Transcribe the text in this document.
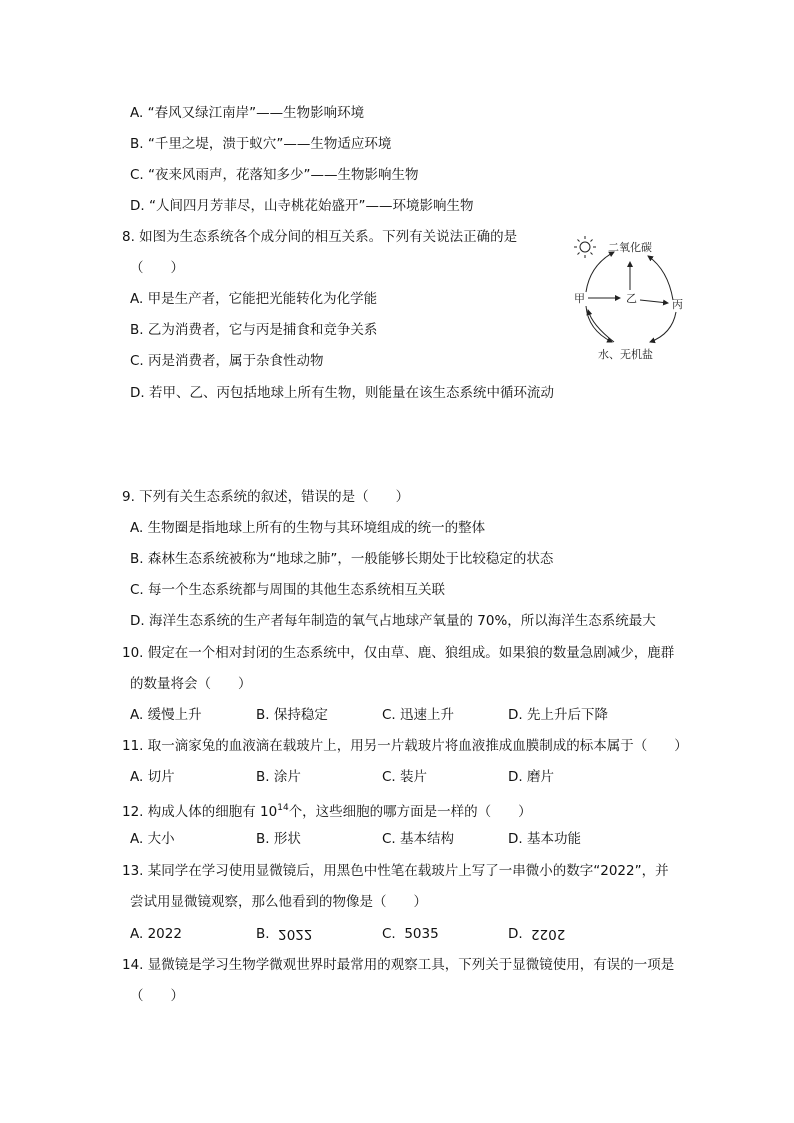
A. “春风又绿江南岸”——生物影响环境
B. “千里之堤，溃于蚁穴”——生物适应环境
C. “夜来风雨声，花落知多少”——生物影响生物
D. “人间四月芳菲尽，山寺桃花始盛开”——环境影响生物
8. 如图为生态系统各个成分间的相互关系。下列有关说法正确的是
（　　）
A. 甲是生产者，它能把光能转化为化学能
B. 乙为消费者，它与丙是捕食和竞争关系
C. 丙是消费者，属于杂食性动物
D. 若甲、乙、丙包括地球上所有生物，则能量在该生态系统中循环流动
二氧化碳
甲	乙	丙
水、无机盐
9. 下列有关生态系统的叙述，错误的是（　　）
A. 生物圈是指地球上所有的生物与其环境组成的统一的整体
B. 森林生态系统被称为“地球之肺”，一般能够长期处于比较稳定的状态
C. 每一个生态系统都与周围的其他生态系统相互关联
D. 海洋生态系统的生产者每年制造的氧气占地球产氧量的 70%，所以海洋生态系统最大
10. 假定在一个相对封闭的生态系统中，仅由草、鹿、狼组成。如果狼的数量急剧减少，鹿群
的数量将会（　　）
A. 缓慢上升	B. 保持稳定	C. 迅速上升	D. 先上升后下降
11. 取一滴家兔的血液滴在载玻片上，用另一片载玻片将血液推成血膜制成的标本属于（　　）
A. 切片	B. 涂片	C. 装片	D. 磨片
12. 构成人体的细胞有 $10^{14}$个，这些细胞的哪方面是一样的（　　）
A. 大小	B. 形状	C. 基本结构	D. 基本功能
13. 某同学在学习使用显微镜后，用黑色中性笔在载玻片上写了一串微小的数字“2022”，并
尝试用显微镜观察，那么他看到的物像是（　　）
A. 2022	B. 2022	C. 5035	D. 2022
14. 显微镜是学习生物学微观世界时最常用的观察工具，下列关于显微镜使用，有误的一项是
（　　）
